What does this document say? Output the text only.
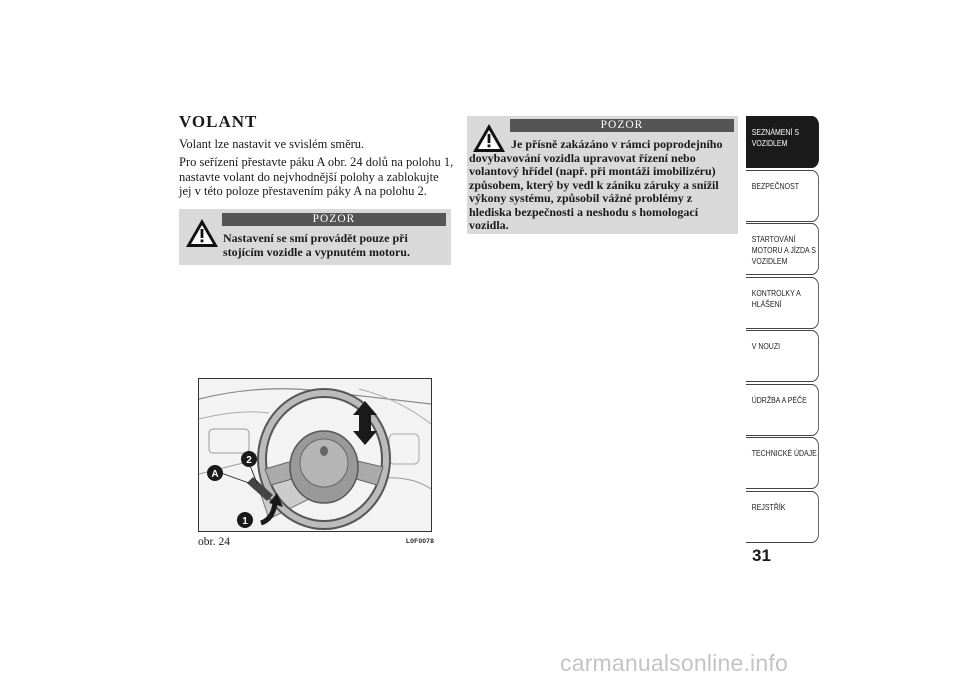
VOLANT

Volant lze nastavit ve svislém směru.

Pro seřízení přestavte páku A obr. 24 dolů na polohu 1, nastavte volant do nejvhodnější polohy a zablokujte jej v této poloze přestavením páky A na polohu 2.

POZOR
Nastavení se smí provádět pouze při stojícím vozidle a vypnutém motoru.
POZOR
Je přísně zakázáno v rámci poprodejního dovybavování vozidla upravovat řízení nebo volantový hřídel (např. při montáži imobilizéru) způsobem, který by vedl k zániku záruky a snížil výkony systému, způsobil vážné problémy z hlediska bezpečnosti a neshodu s homologací vozidla.
A
2
1
obr. 24	L0F0078
SEZNÁMENÍ S VOZIDLEM
BEZPEČNOST
STARTOVÁNÍ MOTORU A JÍZDA S VOZIDLEM
KONTROLKY A HLÁŠENÍ
V NOUZI
ÚDRŽBA A PÉČE
TECHNICKÉ ÚDAJE
REJSTŘÍK
31
carmanualsonline.info
